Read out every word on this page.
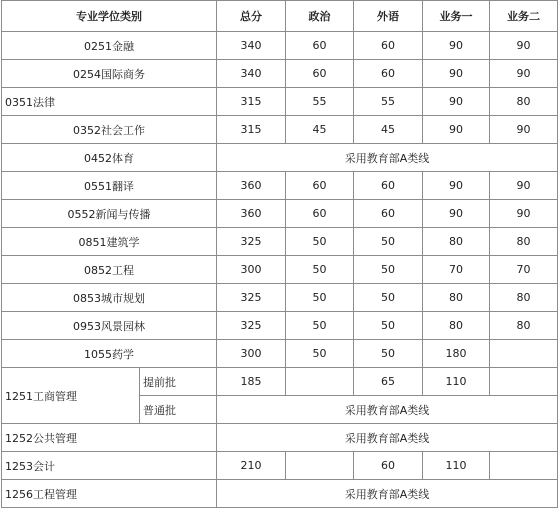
专业学位类别		总分	政治	外语	业务一	业务二
0251金融		340	60	60	90	90
0254国际商务		340	60	60	90	90
0351法律		315	55	55	90	80
0352社会工作		315	45	45	90	90
0452体育		采用教育部A类线				
0551翻译		360	60	60	90	90
0552新闻与传播		360	60	60	90	90
0851建筑学		325	50	50	80	80
0852工程		300	50	50	70	70
0853城市规划		325	50	50	80	80
0953风景园林		325	50	50	80	80
1055药学		300	50	50	180	
1251工商管理	提前批	185		65	110	
	普通批	采用教育部A类线				
1252公共管理		采用教育部A类线				
1253会计		210		60	110	
1256工程管理		采用教育部A类线				
